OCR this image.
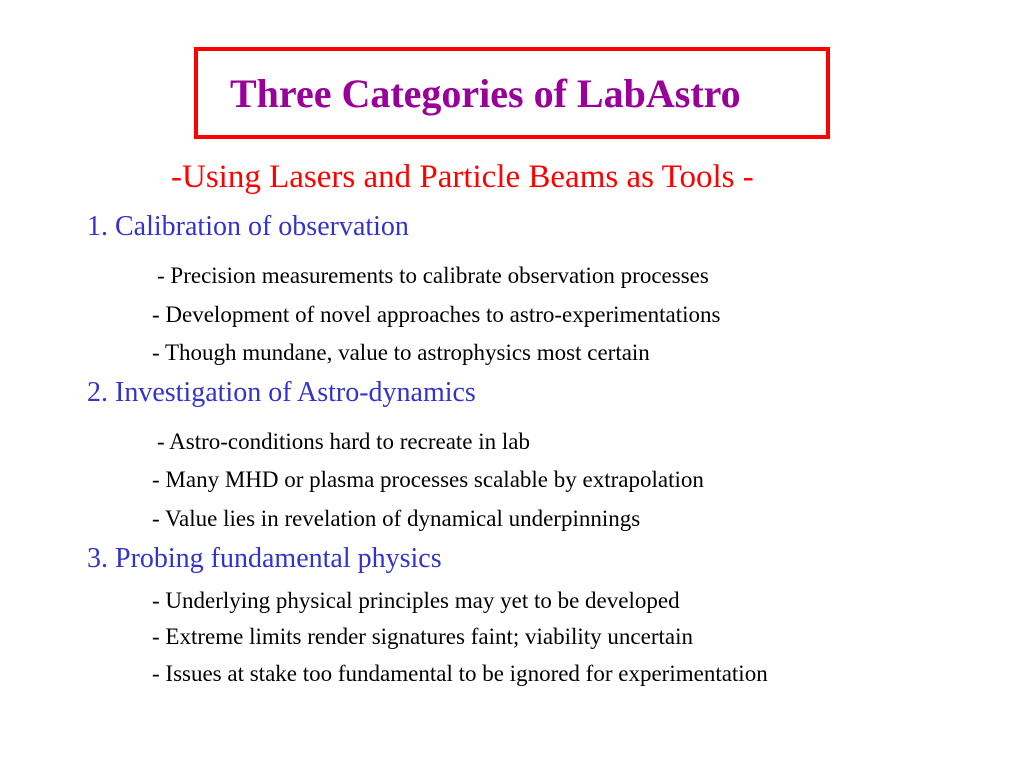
Three Categories of LabAstro
-Using Lasers and Particle Beams as Tools -
1. Calibration of observation
- Precision measurements to calibrate observation processes
- Development of novel approaches to astro-experimentations
- Though mundane, value to astrophysics most certain
2. Investigation of Astro-dynamics
- Astro-conditions hard to recreate in lab
- Many MHD or plasma processes scalable by extrapolation
- Value lies in revelation of dynamical underpinnings
3. Probing fundamental physics
- Underlying physical principles may yet to be developed
- Extreme limits render signatures faint; viability uncertain
- Issues at stake too fundamental to be ignored for experimentation
